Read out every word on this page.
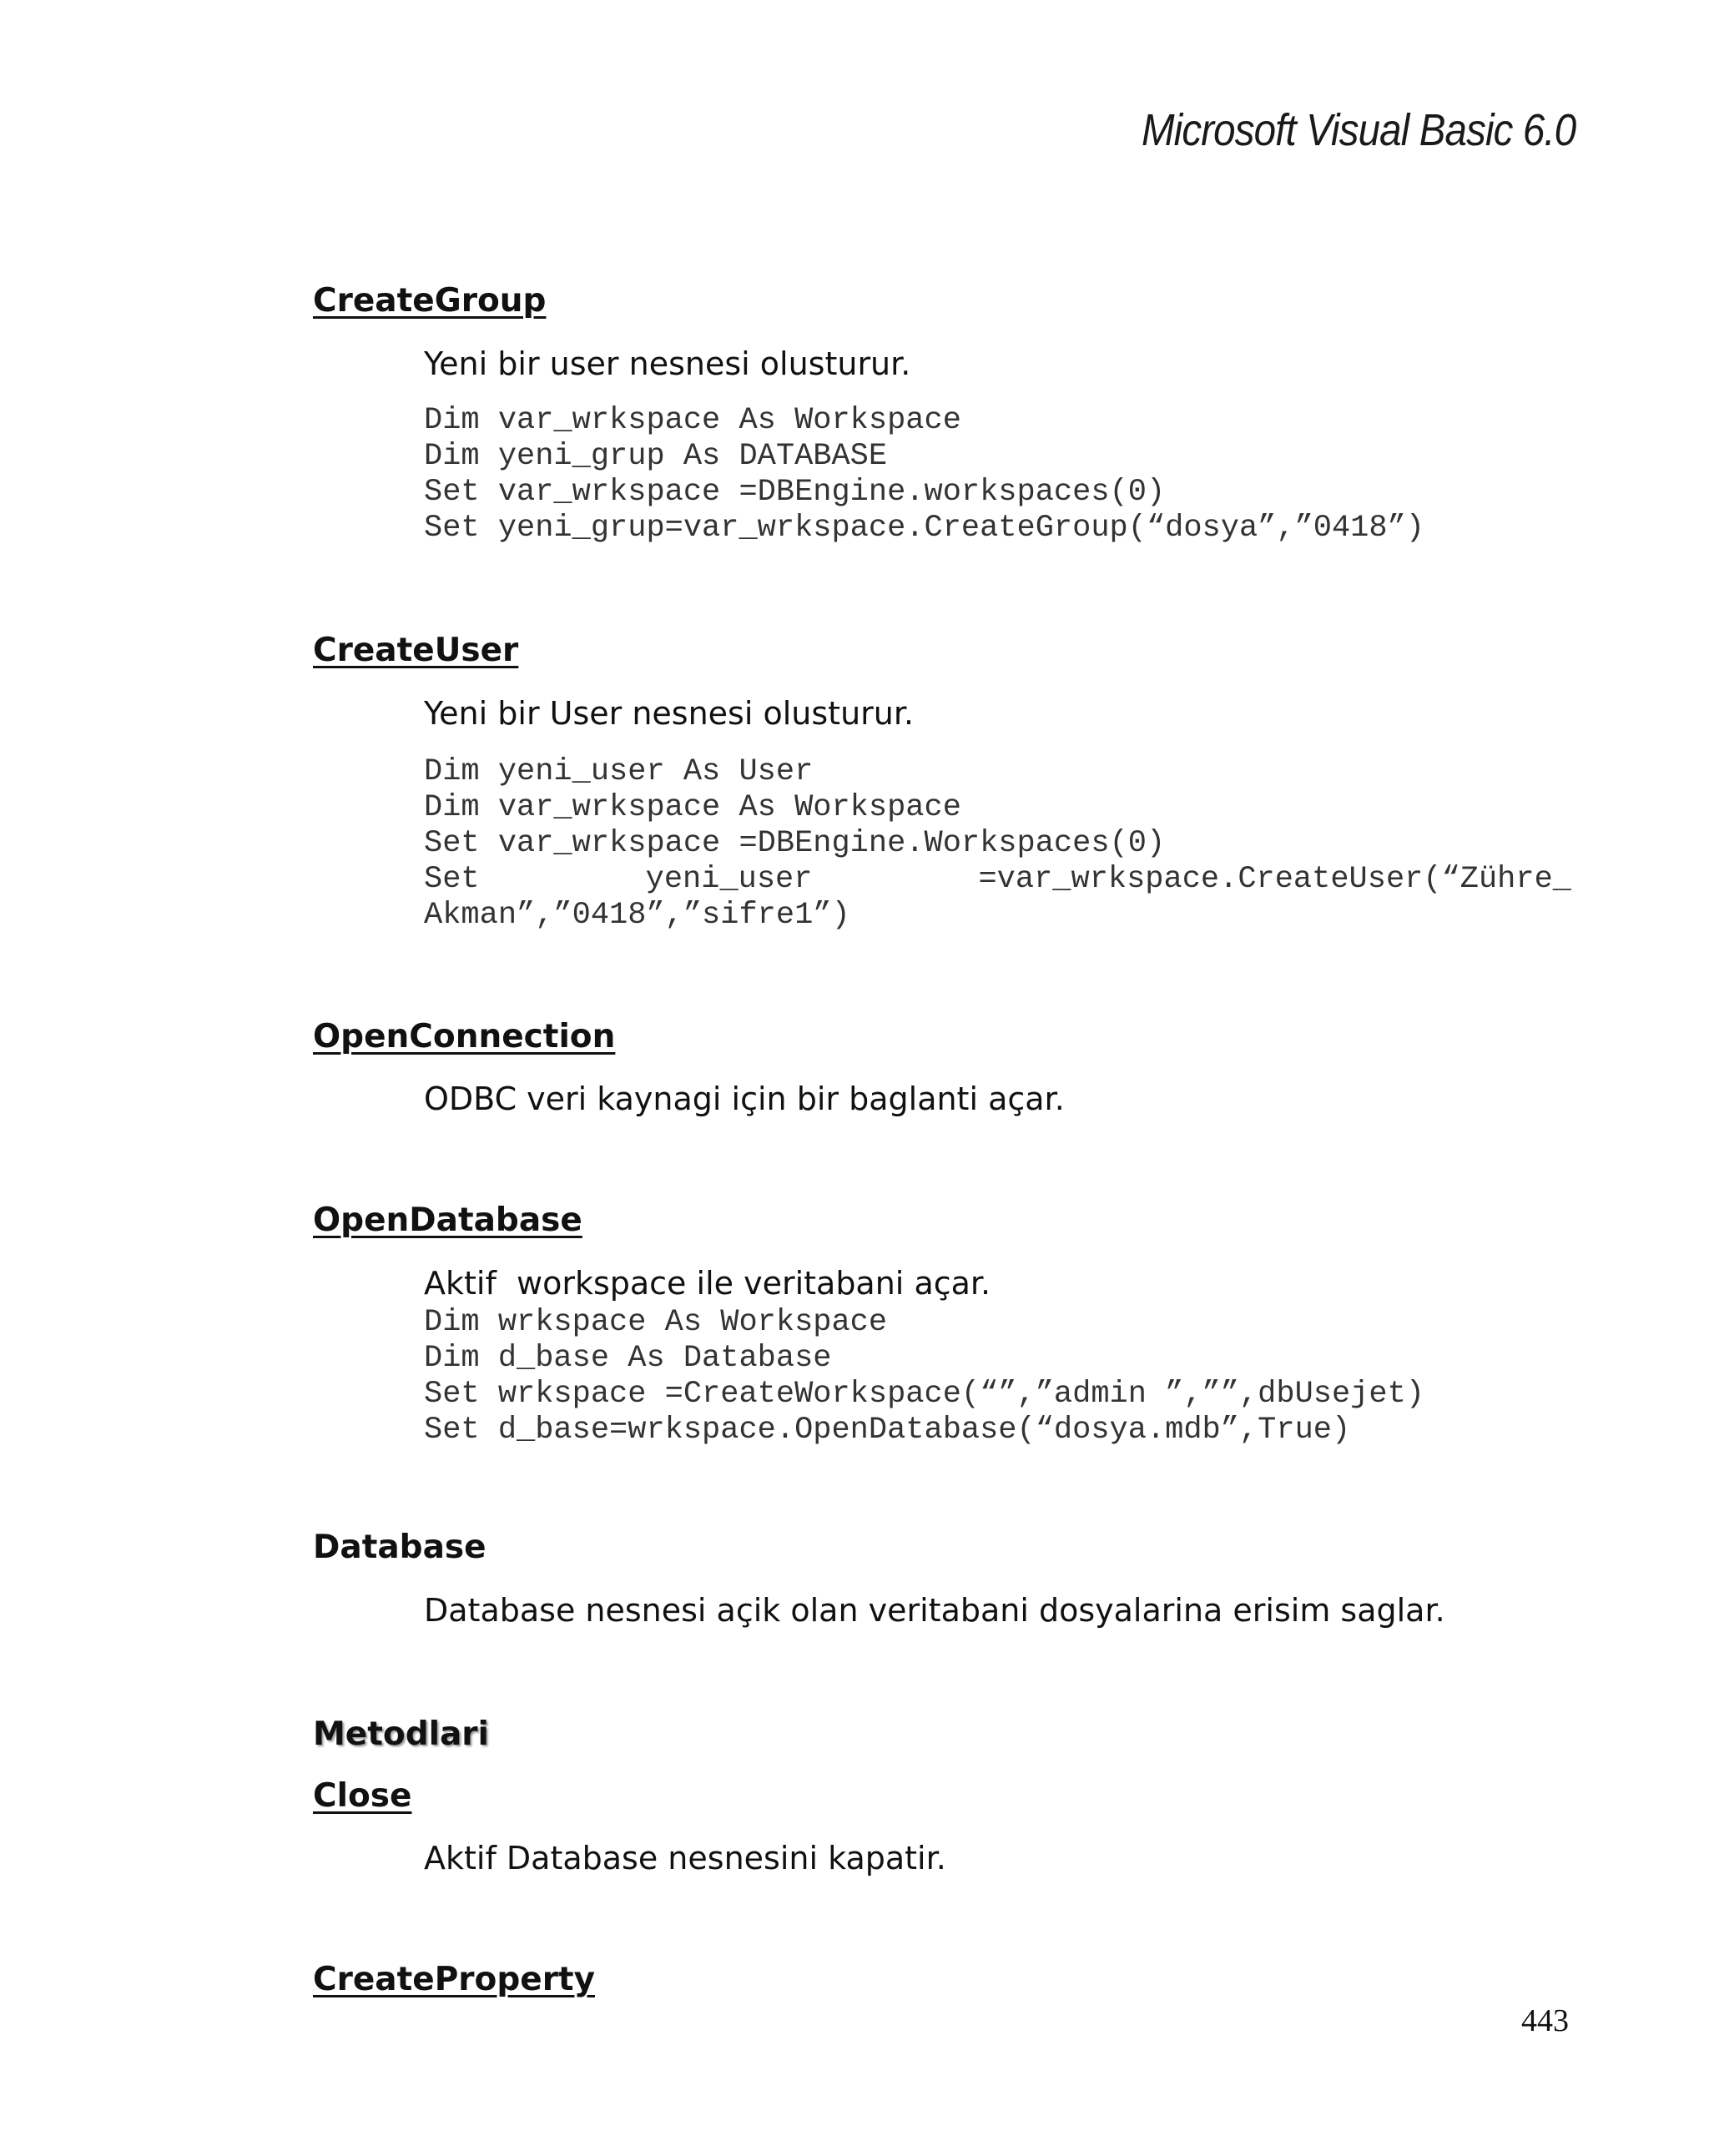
Microsoft Visual Basic 6.0
CreateGroup
Yeni bir user nesnesi olusturur.
Dim var_wrkspace As Workspace
Dim yeni_grup As DATABASE
Set var_wrkspace =DBEngine.workspaces(0)
Set yeni_grup=var_wrkspace.CreateGroup(“dosya”,”0418”)
CreateUser
Yeni bir User nesnesi olusturur.
Dim yeni_user As User
Dim var_wrkspace As Workspace
Set var_wrkspace =DBEngine.Workspaces(0)
Set	yeni_user	=var_wrkspace.CreateUser(“Zühre_
Akman”,”0418”,”sifre1”)
OpenConnection
ODBC veri kaynagi için bir baglanti açar.
OpenDatabase
Aktif  workspace ile veritabani açar.
Dim wrkspace As Workspace
Dim d_base As Database
Set wrkspace =CreateWorkspace(“”,”admin ”,””,dbUsejet)
Set d_base=wrkspace.OpenDatabase(“dosya.mdb”,True)
Database
Database nesnesi açik olan veritabani dosyalarina erisim saglar.
Metodlari
Close
Aktif Database nesnesini kapatir.
CreateProperty
443
